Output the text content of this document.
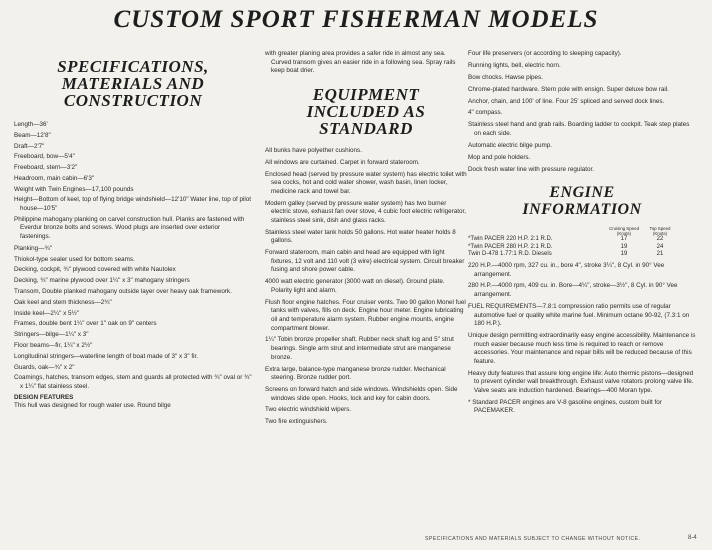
CUSTOM SPORT FISHERMAN MODELS
SPECIFICATIONS,
MATERIALS AND
CONSTRUCTION
Length—36'
Beam—12'8"
Draft—2'7"
Freeboard, bow—5'4"
Freeboard, stern—3'2"
Headroom, main cabin—6'3"
Weight with Twin Engines—17,100 pounds
Height—Bottom of keel, top of flying bridge windshield—12'10" Water line, top of pilot house—10'5"
Philippine mahogany planking on carvel construction hull. Planks are fastened with Everdur bronze bolts and screws. Wood plugs are inserted over exterior fastenings.
Planking—¾"
Thiokol-type sealer used for bottom seams.
Decking, cockpit, ¾" plywood covered with white Nautolex
Decking, ¾" marine plywood over 1¼" x 3" mahogany stringers
Transom, Double planked mahogany outside layer over heavy oak framework.
Oak keel and stem thickness—2¾"
Inside keel—2¼" x 5½"
Frames, double bent 1¼" over 1" oak on 9" centers
Stringers—bilge—1¼" x 3"
Floor beams—fir, 1¼" x 2½"
Longitudinal stringers—waterline length of boat made of 3" x 3" fir.
Guards, oak—¾" x 2"
Coamings, hatches, transom edges, stem and guards all protected with ¾" oval or ¾" x 1¼" flat stainless steel.
DESIGN FEATURES
This hull was designed for rough water use. Round bilge
with greater planing area provides a safer ride in almost any sea. Curved transom gives an easier ride in a following sea. Spray rails keep boat drier.
EQUIPMENT
INCLUDED AS
STANDARD
All bunks have polyether cushions.
All windows are curtained. Carpet in forward stateroom.
Enclosed head (served by pressure water system) has electric toilet with sea cocks, hot and cold water shower, wash basin, linen locker, medicine rack and towel bar.
Modern galley (served by pressure water system) has two burner electric stove, exhaust fan over stove, 4 cubic foot electric refrigerator, stainless steel sink, dish and glass racks.
Stainless steel water tank holds 50 gallons. Hot water heater holds 8 gallons.
Forward stateroom, main cabin and head are equipped with light fixtures, 12 volt and 110 volt (3 wire) electrical system. Circuit breaker fusing and shore power cable.
4000 watt electric generator (3000 watt on diesel). Ground plate. Polarity light and alarm.
Flush floor engine hatches. Four cruiser vents. Two 90 gallon Monel fuel tanks with valves, fills on deck. Engine hour meter. Engine lubricating oil and temperature alarm system. Rubber engine mounts, engine compartment blower.
1¼" Tobin bronze propeller shaft. Rubber neck shaft log and 5" strut bearings. Single arm strut and intermediate strut are manganese bronze.
Extra large, balance-type manganese bronze rudder. Mechanical steering. Bronze rudder port.
Screens on forward hatch and side windows. Windshields open. Side windows slide open. Hooks, lock and key for cabin doors.
Two electric windshield wipers.
Two fire extinguishers.
Four life preservers (or according to sleeping capacity).
Running lights, bell, electric horn.
Bow chocks. Hawse pipes.
Chrome-plated hardware. Stern pole with ensign. Super deluxe bow rail.
Anchor, chain, and 100' of line. Four 25' spliced and served dock lines.
4" compass.
Stainless steel hand and grab rails. Boarding ladder to cockpit. Teak step plates on each side.
Automatic electric bilge pump.
Mop and pole holders.
Dock fresh water line with pressure regulator.
ENGINE
INFORMATION
Cruising Speed (Knots)
Top Speed (Knots)
*Twin PACER 220 H.P. 2:1 R.D.	17	22
*Twin PACER 280 H.P. 2:1 R.D.	19	24
Twin D-478 1.77:1 R.D. Diesels	19	21
220 H.P.—4000 rpm, 327 cu. in., bore 4", stroke 3¼", 8 Cyl. in 90° Vee arrangement.
280 H.P.—4000 rpm, 409 cu. in. Bore—4¼", stroke—3½", 8 Cyl. in 90° Vee arrangement.
FUEL REQUIREMENTS—7.8:1 compression ratio permits use of regular automotive fuel or quality white marine fuel. Minimum octane 90-92, (7.3:1 on 180 H.P.).
Unique design permitting extraordinarily easy engine accessibility. Maintenance is much easier because much less time is required to reach or remove accessories. Your maintenance and repair bills will be reduced because of this feature.
Heavy duty features that assure long engine life: Auto thermic pistons—designed to prevent cylinder wall breakthrough. Exhaust valve rotators prolong valve life. Valve seats are induction hardened. Bearings—400 Moran type.
* Standard PACER engines are V-8 gasoline engines, custom built for PACEMAKER.
SPECIFICATIONS AND MATERIALS SUBJECT TO CHANGE WITHOUT NOTICE.	8-4
